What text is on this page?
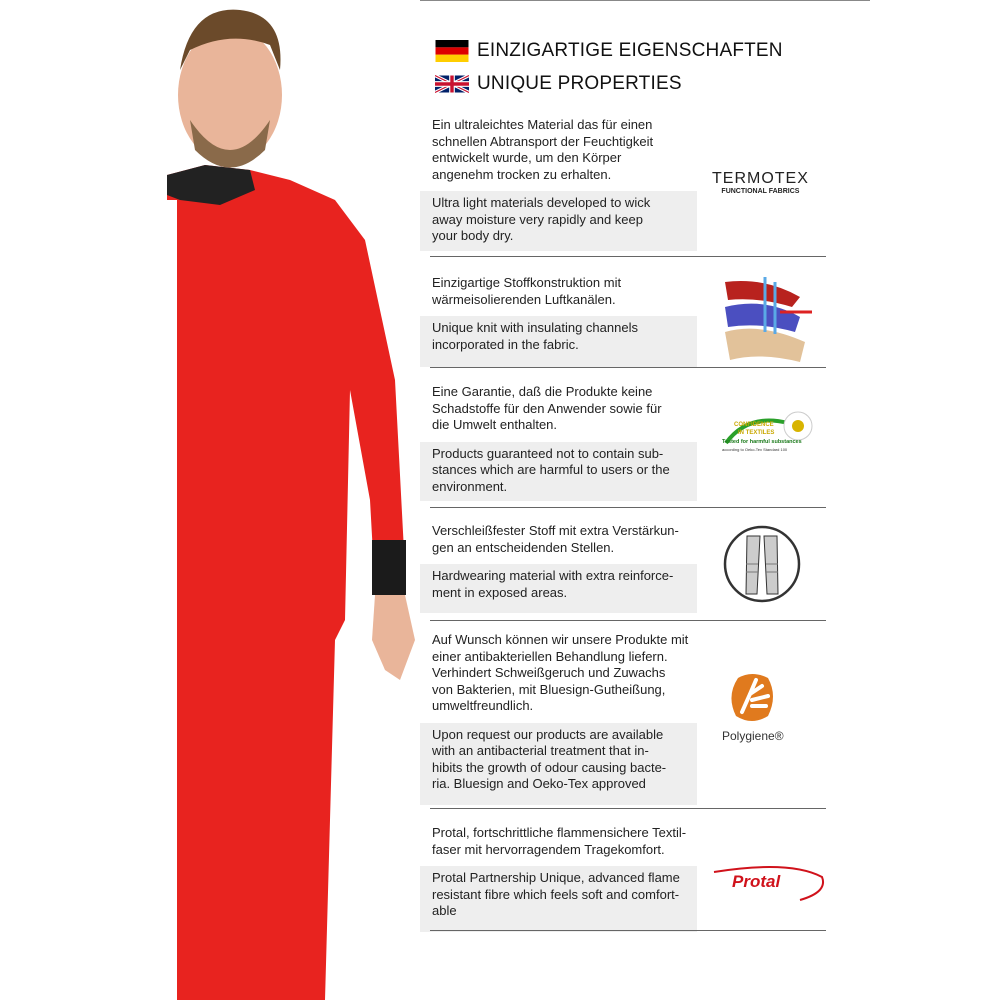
EINZIGARTIGE EIGENSCHAFTEN
UNIQUE PROPERTIES
Ein ultraleichtes Material das für einen
schnellen Abtransport der Feuchtigkeit
entwickelt wurde, um den Körper
angenehm trocken zu erhalten.
Ultra light materials developed to wick
away moisture very rapidly and keep
your body dry.
TERMOTEX
FUNCTIONAL FABRICS
Einzigartige Stoffkonstruktion mit
wärmeisolierenden Luftkanälen.
Unique knit with insulating channels
incorporated in the fabric.
Eine Garantie, daß die Produkte keine
Schadstoffe für den Anwender sowie für
die Umwelt enthalten.
Products guaranteed not to contain sub-
stances which are harmful to users or the
environment.
CONFIDENCE
IN TEXTILES
Tested for harmful substances
according to Oeko-Tex Standard 100
Verschleißfester Stoff mit extra Verstärkun-
gen an entscheidenden Stellen.
Hardwearing material with extra reinforce-
ment in exposed areas.
Auf Wunsch können wir unsere Produkte mit
einer antibakteriellen Behandlung liefern.
Verhindert Schweißgeruch und Zuwachs
von Bakterien, mit Bluesign-Gutheißung,
umweltfreundlich.
Upon request our products are available
with an antibacterial treatment that in-
hibits the growth of odour causing bacte-
ria. Bluesign and Oeko-Tex approved
Polygiene®
Protal, fortschrittliche flammensichere Textil-
faser mit hervorragendem Tragekomfort.
Protal Partnership Unique, advanced flame
resistant fibre which feels soft and comfort-
able
Protal
